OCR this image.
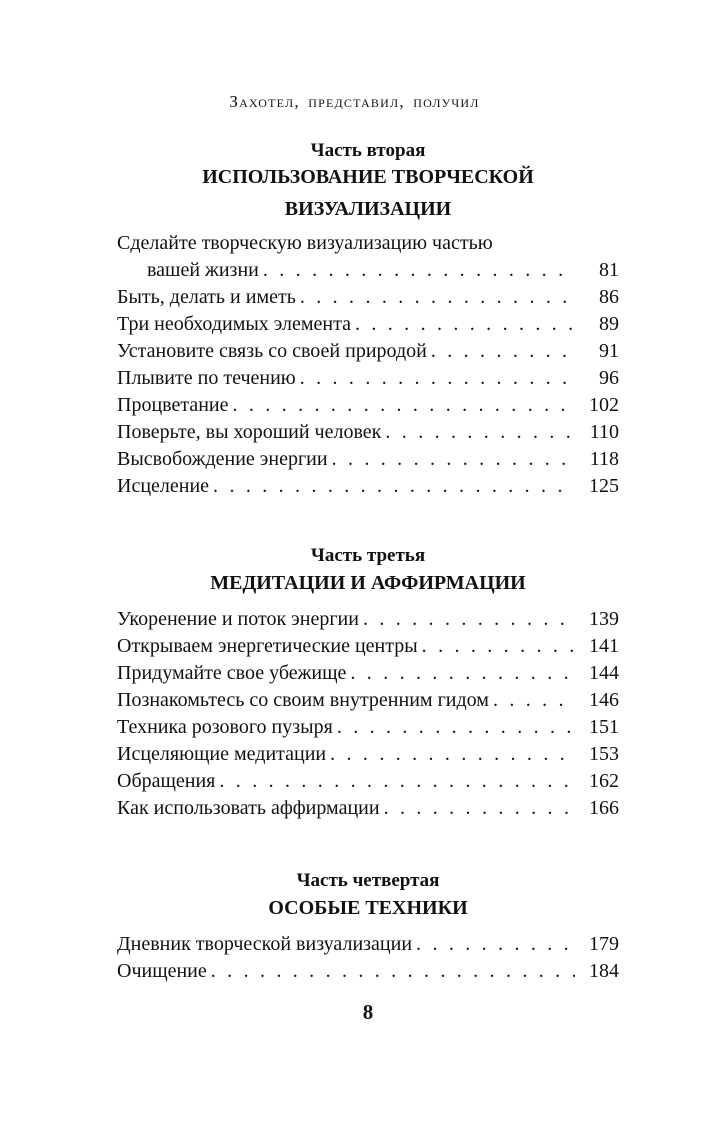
Захотел, представил, получил
Часть вторая
ИСПОЛЬЗОВАНИЕ ТВОРЧЕСКОЙ
ВИЗУАЛИЗАЦИИ
Сделайте творческую визуализацию частью
вашей жизни . . .	81
Быть, делать и иметь . . .	86
Три необходимых элемента . . .	89
Установите связь со своей природой . . .	91
Плывите по течению . . .	96
Процветание . . .	102
Поверьте, вы хороший человек . . .	110
Высвобождение энергии . . .	118
Исцеление . . .	125
Часть третья
МЕДИТАЦИИ И АФФИРМАЦИИ
Укоренение и поток энергии . . .	139
Открываем энергетические центры . . .	141
Придумайте свое убежище . . .	144
Познакомьтесь со своим внутренним гидом . . .	146
Техника розового пузыря . . .	151
Исцеляющие медитации . . .	153
Обращения . . .	162
Как использовать аффирмации . . .	166
Часть четвертая
ОСОБЫЕ ТЕХНИКИ
Дневник творческой визуализации . . .	179
Очищение . . .	184
8
